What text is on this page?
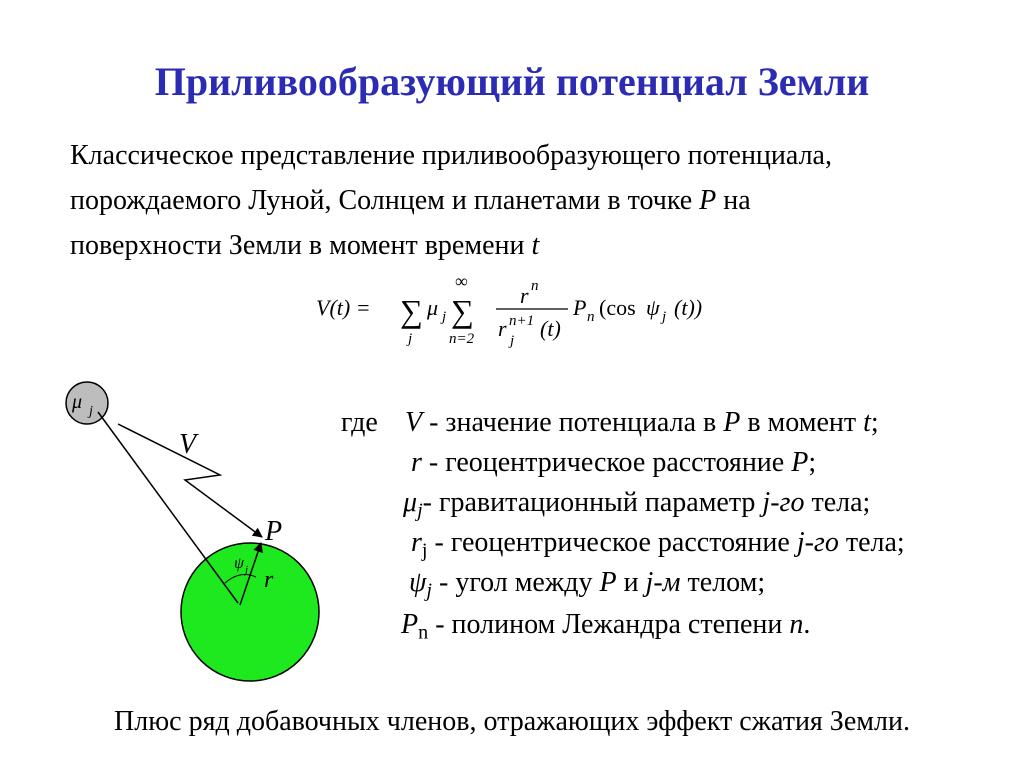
Приливообразующий потенциал Земли
Классическое представление приливообразующего потенциала,
порождаемого Луной, Солнцем и планетами в точке P на
поверхности Земли в момент времени t
V(t) = ∑
j
μ j
∞
∑
n=2
r n
r n+1
j (t)
P n (cos ψ j (t))
μ j
V
P
r
ψ j
где V - значение потенциала в P в момент t;
r - геоцентрическое расстояние P;
$\mu_j-$ гравитационный параметр j-го тела;
$r_j$ - геоцентрическое расстояние j-го тела;
$\psi_j$ - угол между P и j-м телом;
$P_n$ - полином Лежандра степени n.
Плюс ряд добавочных членов, отражающих эффект сжатия Земли.
